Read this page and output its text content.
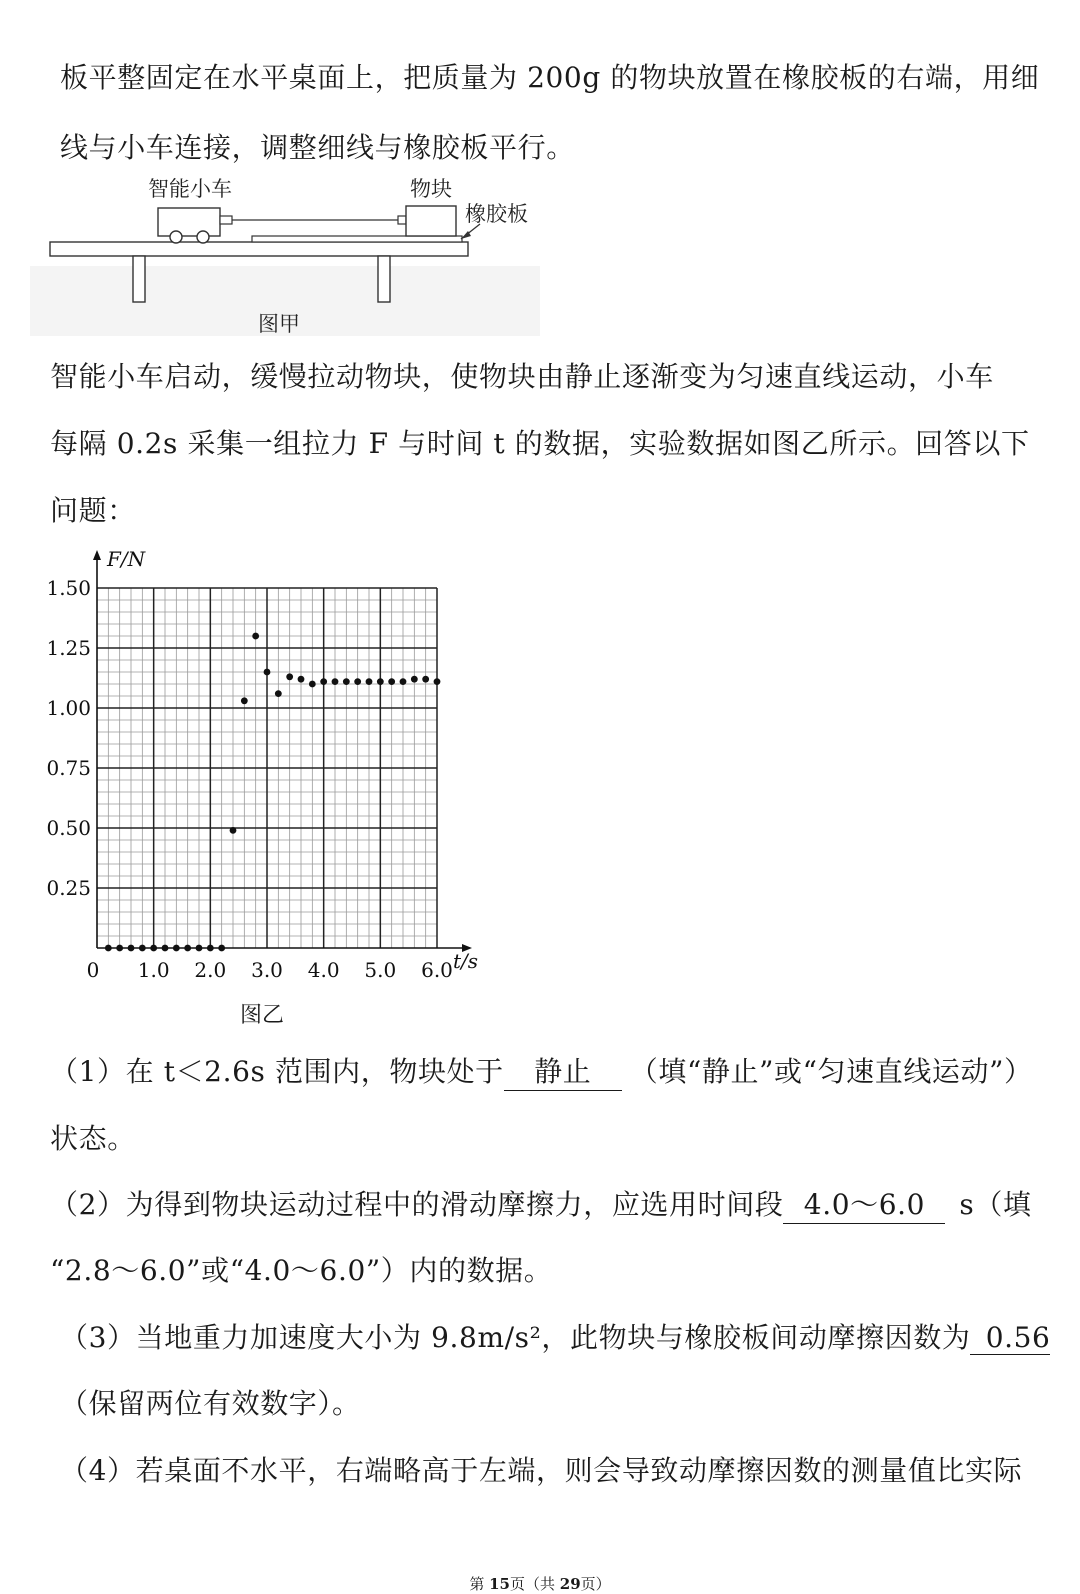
板平整固定在水平桌面上，把质量为 200g 的物块放置在橡胶板的右端，用细
线与小车连接，调整细线与橡胶板平行。
智能小车	物块
橡胶板
图甲
智能小车启动，缓慢拉动物块，使物块由静止逐渐变为匀速直线运动，小车
每隔 0.2s 采集一组拉力 F 与时间 t 的数据，实验数据如图乙所示。回答以下
问题：
F/N
t/s
0 1.0 2.0 3.0 4.0 5.0 6.0
0.25
0.50
0.75
1.00
1.25
1.50
图乙
（1）在 t＜2.6s 范围内，物块处于 静止 （填“静止”或“匀速直线运动”）
状态。
（2）为得到物块运动过程中的滑动摩擦力，应选用时间段 4.0～6.0 s（填
“2.8～6.0”或“4.0～6.0”）内的数据。
（3）当地重力加速度大小为 9.8m/s²，此物块与橡胶板间动摩擦因数为 0.56
（保留两位有效数字）。
（4）若桌面不水平，右端略高于左端，则会导致动摩擦因数的测量值比实际
第 15页（共 29页）
